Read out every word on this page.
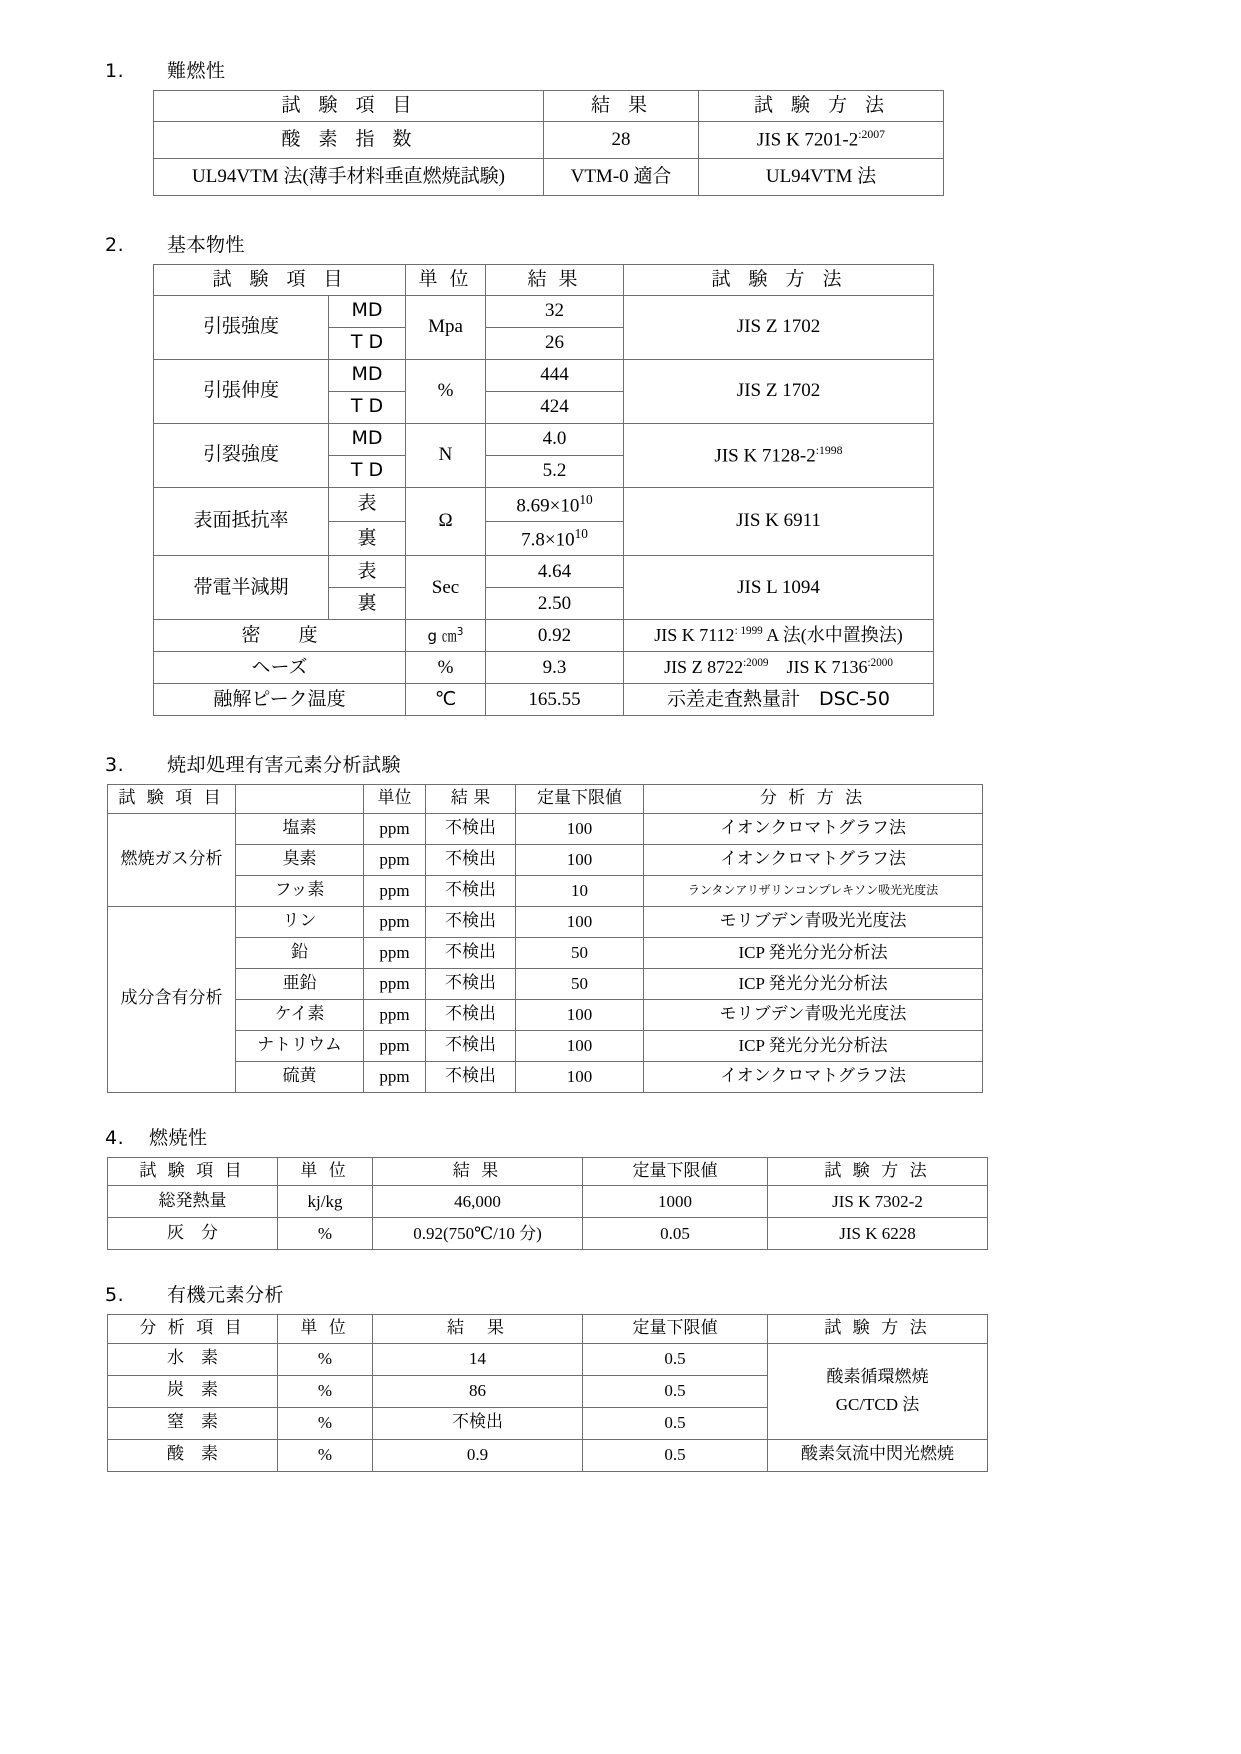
1.	難燃性
試 験 項 目	結 果	試 験 方 法

酸 素 指 数	28	JIS K $7201-2^{:2007}$

UL94VTM 法(薄手材料垂直燃焼試験)	VTM-0 適合	UL94VTM 法
2.	基本物性
試 験 項 目		単 位	結 果	試 験 方 法

引張強度	MD	Mpa	32	JIS Z 1702

	T D		26	

引張伸度	MD	%	444	JIS Z 1702

	T D		424	

引裂強度	MD	N	4.0	JIS K $7128-2^{:1998}$

	T D		5.2	

表面抵抗率	表	Ω	$8.69\times 10^{10}$	JIS K 6911

	裏		$7.8\times 10^{10}$

帯電半減期	表	Sec	4.64	JIS L 1094

	裏		2.50	

密　　度		g ㎝$^3$	0.92	JIS K $7112^{: 1999}$ A 法(水中置換法)

ヘーズ		%	9.3	JIS Z $8722^{:2009}$　JIS K $7136^{:2000}$

融解ピーク温度		℃	165.55	示差走査熱量計　DSC-50
3.	焼却処理有害元素分析試験
試 験 項 目		単位	結 果	定量下限値	分 析 方 法

燃焼ガス分析	塩素	ppm	不検出	100	イオンクロマトグラフ法

	臭素	ppm	不検出	100	イオンクロマトグラフ法

	フッ素	ppm	不検出	10	ランタンアリザリンコンプレキソン吸光光度法

成分含有分析	リン	ppm	不検出	100	モリブデン青吸光光度法

	鉛	ppm	不検出	50	ICP 発光分光分析法

	亜鉛	ppm	不検出	50	ICP 発光分光分析法

	ケイ素	ppm	不検出	100	モリブデン青吸光光度法

	ナトリウム	ppm	不検出	100	ICP 発光分光分析法

	硫黄	ppm	不検出	100	イオンクロマトグラフ法
4.	燃焼性
試 験 項 目	単 位	結 果	定量下限値	試 験 方 法

総発熱量	kj/kg	46,000	1000	JIS K 7302-2

灰　分	%	0.92(750℃/10 分)	0.05	JIS K 6228
5.	有機元素分析
分 析 項 目	単 位	結　果	定量下限値	試 験 方 法

水　素	%	14	0.5	酸素循環燃焼
GC/TCD 法

炭　素	%	86	0.5	

窒　素	%	不検出	0.5	

酸　素	%	0.9	0.5	酸素気流中閃光燃焼
